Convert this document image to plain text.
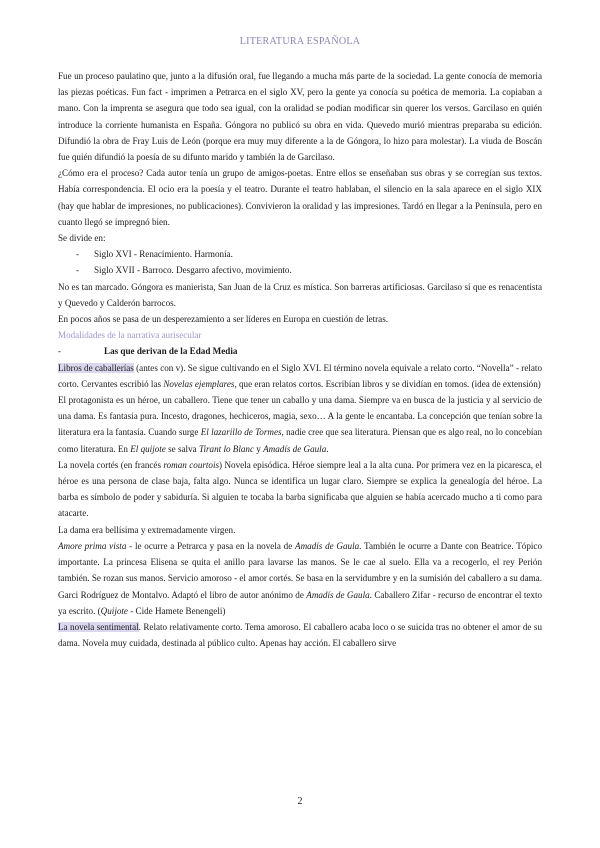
LITERATURA ESPAÑOLA

Fue un proceso paulatino que, junto a la difusión oral, fue llegando a mucha más parte de la sociedad. La gente conocía de memoria las piezas poéticas. Fun fact - imprimen a Petrarca en el siglo XV, pero la gente ya conocía su poética de memoria. La copiaban a mano. Con la imprenta se asegura que todo sea igual, con la oralidad se podían modificar sin querer los versos. Garcilaso en quién introduce la corriente humanista en España. Góngora no publicó su obra en vida. Quevedo murió mientras preparaba su edición. Difundió la obra de Fray Luis de León (porque era muy muy diferente a la de Góngora, lo hizo para molestar). La viuda de Boscán fue quién difundió la poesía de su difunto marido y también la de Garcilaso.

¿Cómo era el proceso? Cada autor tenía un grupo de amigos-poetas. Entre ellos se enseñaban sus obras y se corregían sus textos. Había correspondencia. El ocio era la poesía y el teatro. Durante el teatro hablaban, el silencio en la sala aparece en el siglo XIX (hay que hablar de impresiones, no publicaciones). Convivieron la oralidad y las impresiones. Tardó en llegar a la Península, pero en cuanto llegó se impregnó bien.

Se divide en:

-	Siglo XVI - Renacimiento. Harmonía.
-	Siglo XVII - Barroco. Desgarro afectivo, movimiento.

No es tan marcado. Góngora es manierista, San Juan de la Cruz es mística. Son barreras artificiosas. Garcilaso sí que es renacentista y Quevedo y Calderón barrocos.

En pocos años se pasa de un desperezamiento a ser líderes en Europa en cuestión de letras.

Modalidades de la narrativa aurisecular

-	Las que derivan de la Edad Media

Libros de caballerías (antes con v). Se sigue cultivando en el Siglo XVI. El término novela equivale a relato corto. “Novella” - relato corto. Cervantes escribió las Novelas ejemplares, que eran relatos cortos. Escribían libros y se dividían en tomos. (idea de extensión)

El protagonista es un héroe, un caballero. Tiene que tener un caballo y una dama. Siempre va en busca de la justicia y al servicio de una dama. Es fantasía pura. Incesto, dragones, hechiceros, magia, sexo… A la gente le encantaba. La concepción que tenían sobre la literatura era la fantasía. Cuando surge El lazarillo de Tormes, nadie cree que sea literatura. Piensan que es algo real, no lo concebían como literatura. En El quijote se salva Tirant lo Blanc y Amadís de Gaula.

La novela cortés (en francés roman courtois) Novela episódica. Héroe siempre leal a la alta cuna. Por primera vez en la picaresca, el héroe es una persona de clase baja, falta algo. Nunca se identifica un lugar claro. Siempre se explica la genealogía del héroe. La barba es símbolo de poder y sabiduría. Si alguien te tocaba la barba significaba que alguien se había acercado mucho a ti como para atacarte.

La dama era bellísima y extremadamente virgen.

Amore prima vista - le ocurre a Petrarca y pasa en la novela de Amadís de Gaula. También le ocurre a Dante con Beatrice. Tópico importante. La princesa Elisena se quita el anillo para lavarse las manos. Se le cae al suelo. Ella va a recogerlo, el rey Perión también. Se rozan sus manos. Servicio amoroso - el amor cortés. Se basa en la servidumbre y en la sumisión del caballero a su dama. Garci Rodríguez de Montalvo. Adaptó el libro de autor anónimo de Amadís de Gaula. Caballero Zifar - recurso de encontrar el texto ya escrito. (Quijote - Cide Hamete Benengeli)

La novela sentimental. Relato relativamente corto. Tema amoroso. El caballero acaba loco o se suicida tras no obtener el amor de su dama. Novela muy cuidada, destinada al público culto. Apenas hay acción. El caballero sirve

2
